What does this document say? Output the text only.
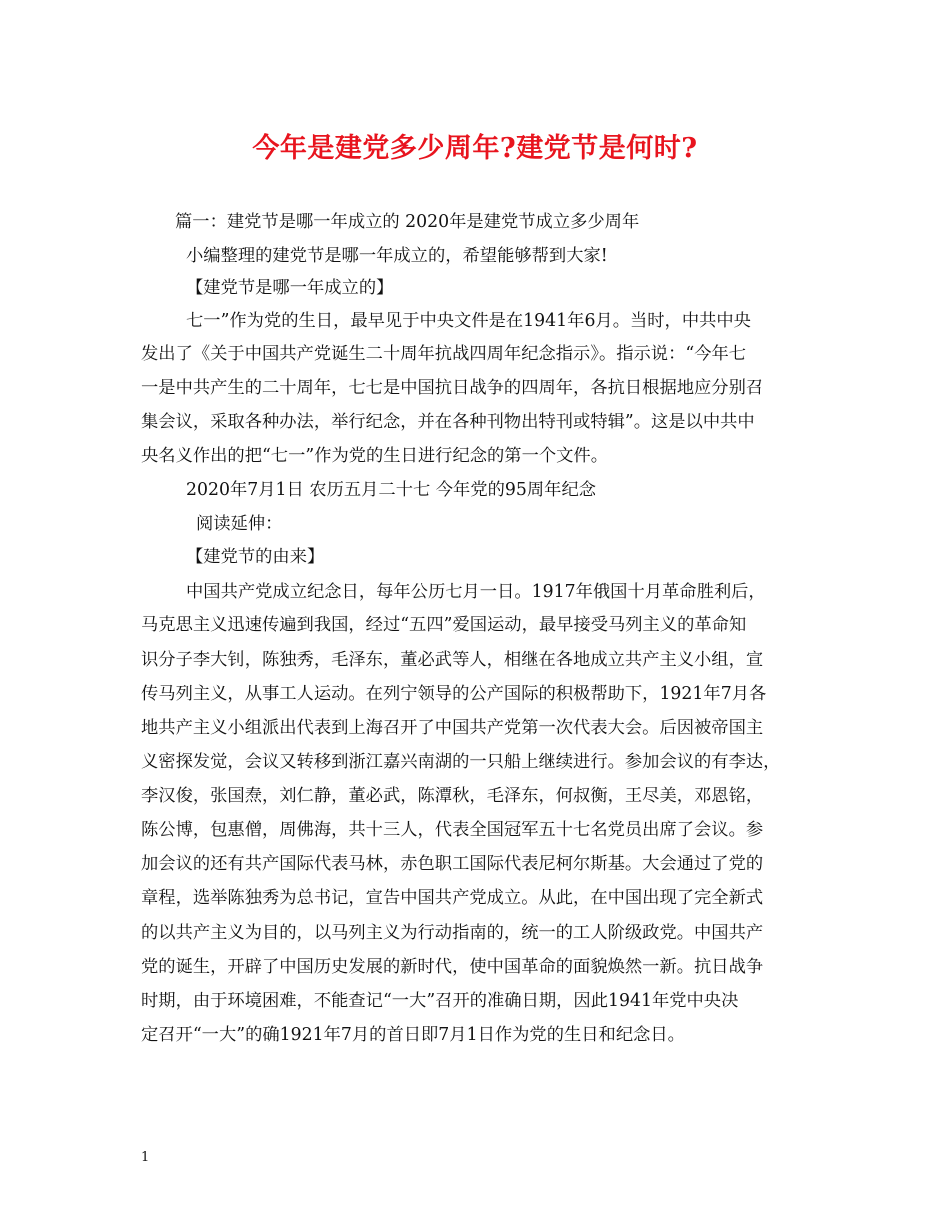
今年是建党多少周年?建党节是何时?
篇一：建党节是哪一年成立的 2020年是建党节成立多少周年
小编整理的建党节是哪一年成立的，希望能够帮到大家!
【建党节是哪一年成立的】
七一”作为党的生日，最早见于中央文件是在1941年6月。当时，中共中央
发出了《关于中国共产党诞生二十周年抗战四周年纪念指示》。指示说：“今年七
一是中共产生的二十周年，七七是中国抗日战争的四周年，各抗日根据地应分别召
集会议，采取各种办法，举行纪念，并在各种刊物出特刊或特辑”。这是以中共中
央名义作出的把“七一”作为党的生日进行纪念的第一个文件。
2020年7月1日 农历五月二十七 今年党的95周年纪念
阅读延伸：
【建党节的由来】
中国共产党成立纪念日，每年公历七月一日。1917年俄国十月革命胜利后，
马克思主义迅速传遍到我国，经过“五四”爱国运动，最早接受马列主义的革命知
识分子李大钊，陈独秀，毛泽东，董必武等人，相继在各地成立共产主义小组，宣
传马列主义，从事工人运动。在列宁领导的公产国际的积极帮助下，1921年7月各
地共产主义小组派出代表到上海召开了中国共产党第一次代表大会。后因被帝国主
义密探发觉，会议又转移到浙江嘉兴南湖的一只船上继续进行。参加会议的有李达，
李汉俊，张国焘，刘仁静，董必武，陈潭秋，毛泽东，何叔衡，王尽美，邓恩铭，
陈公博，包惠僧，周佛海，共十三人，代表全国冠军五十七名党员出席了会议。参
加会议的还有共产国际代表马林，赤色职工国际代表尼柯尔斯基。大会通过了党的
章程，选举陈独秀为总书记，宣告中国共产党成立。从此，在中国出现了完全新式
的以共产主义为目的，以马列主义为行动指南的，统一的工人阶级政党。中国共产
党的诞生，开辟了中国历史发展的新时代，使中国革命的面貌焕然一新。抗日战争
时期，由于环境困难，不能查记“一大”召开的准确日期，因此1941年党中央决
定召开“一大”的确1921年7月的首日即7月1日作为党的生日和纪念日。
1
